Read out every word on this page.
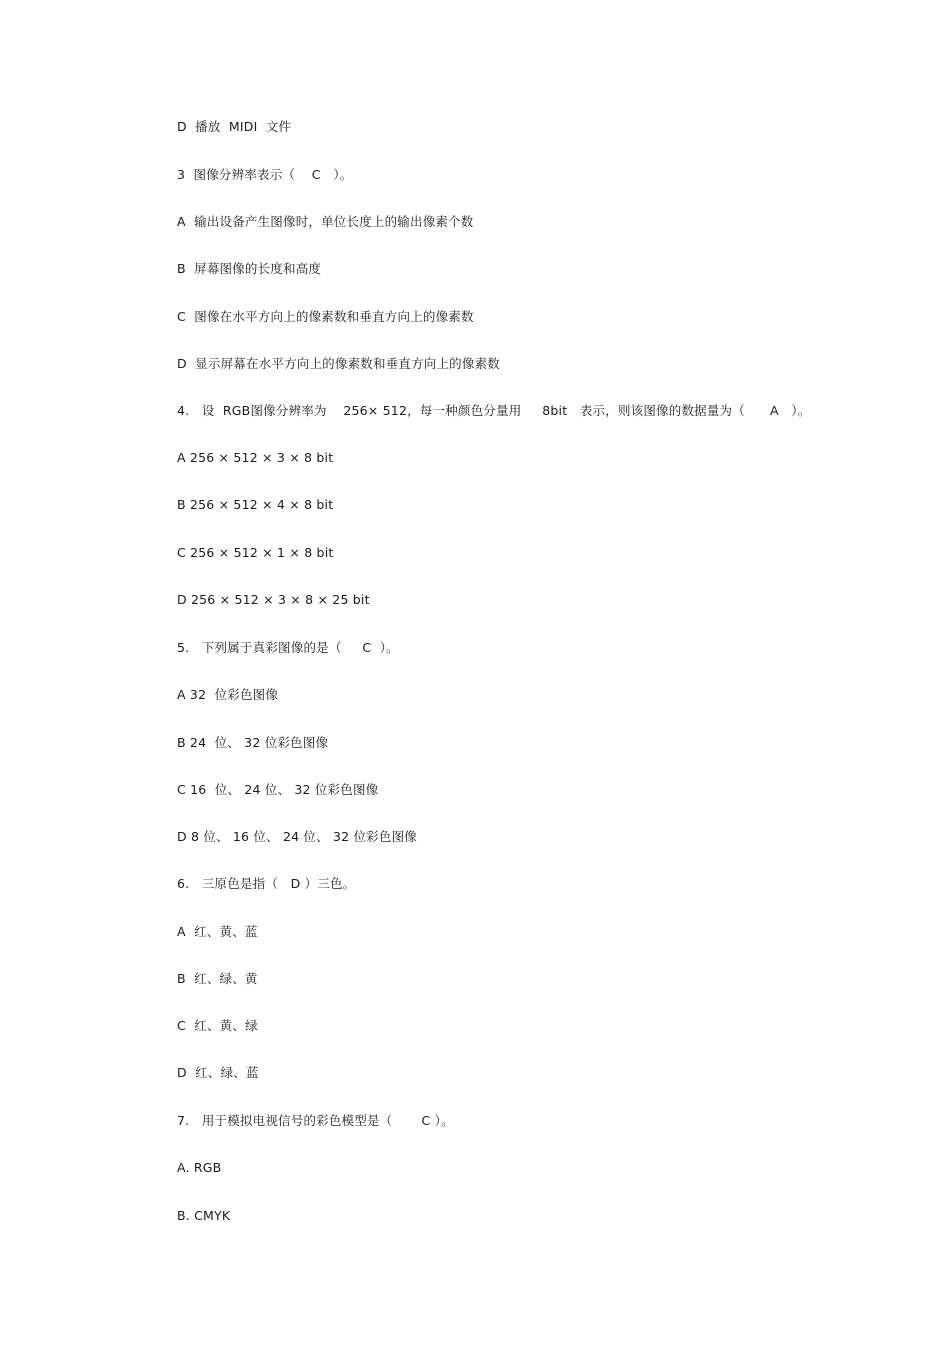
D  播放  MIDI  文件
3  图像分辨率表示（    C   ）。
A  输出设备产生图像时，单位长度上的输出像素个数
B  屏幕图像的长度和高度
C  图像在水平方向上的像素数和垂直方向上的像素数
D  显示屏幕在水平方向上的像素数和垂直方向上的像素数
4.   设  RGB图像分辨率为    256× 512，每一种颜色分量用     8bit   表示，则该图像的数据量为（      A   ）。
A 256 × 512 × 3 × 8 bit
B 256 × 512 × 4 × 8 bit
C 256 × 512 × 1 × 8 bit
D 256 × 512 × 3 × 8 × 25 bit
5.   下列属于真彩图像的是（     C  ）。
A 32  位彩色图像
B 24  位、 32 位彩色图像
C 16  位、 24 位、 32 位彩色图像
D 8 位、 16 位、 24 位、 32 位彩色图像
6.   三原色是指（   D ）三色。
A  红、黄、蓝
B  红、绿、黄
C  红、黄、绿
D  红、绿、蓝
7.   用于模拟电视信号的彩色模型是（       C ）。
A. RGB
B. CMYK
